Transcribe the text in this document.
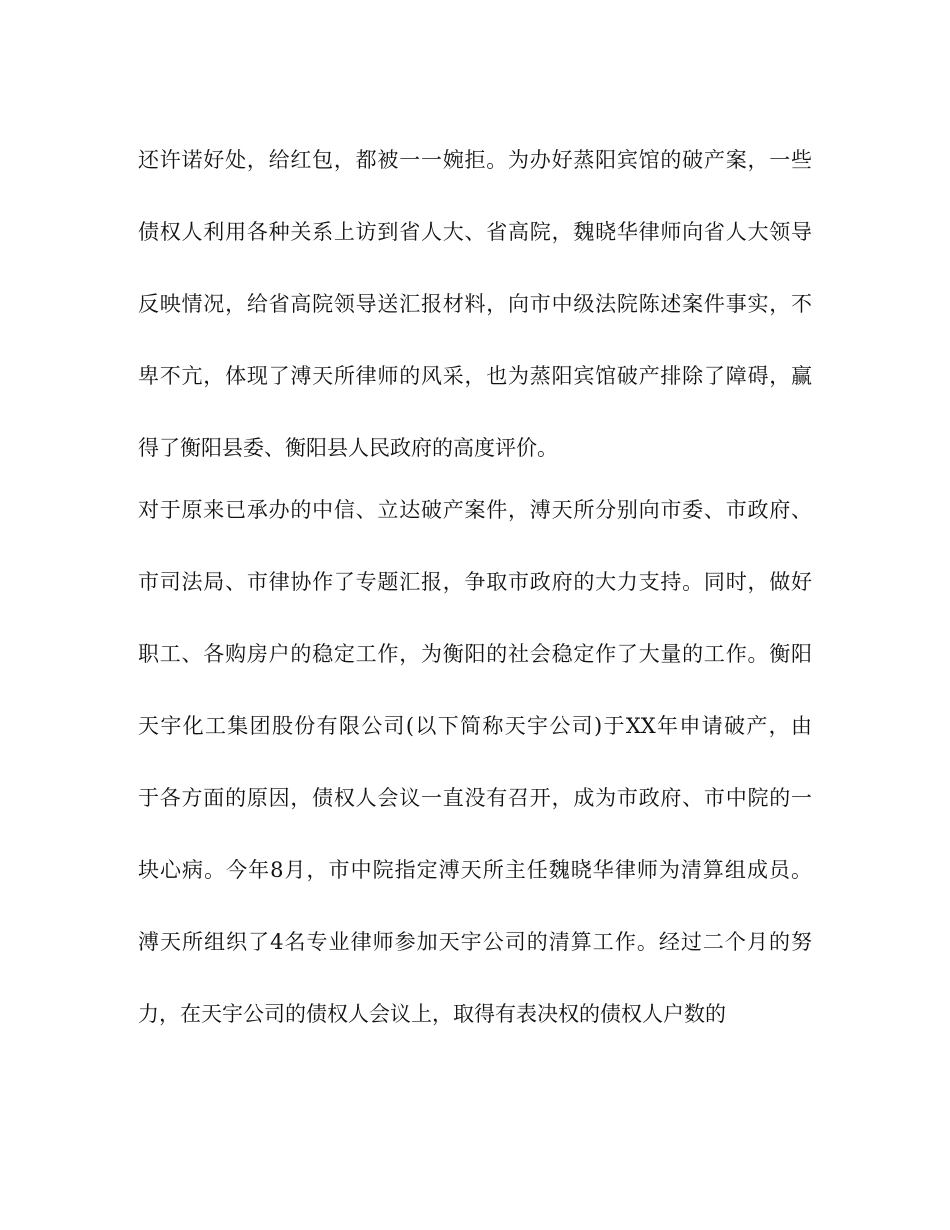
还许诺好处，给红包，都被一一婉拒。为办好蒸阳宾馆的破产案，一些

债权人利用各种关系上访到省人大、省高院，魏晓华律师向省人大领导

反映情况，给省高院领导送汇报材料，向市中级法院陈述案件事实，不

卑不亢，体现了溥天所律师的风采，也为蒸阳宾馆破产排除了障碍，赢

得了衡阳县委、衡阳县人民政府的高度评价。

对于原来已承办的中信、立达破产案件，溥天所分别向市委、市政府、

市司法局、市律协作了专题汇报，争取市政府的大力支持。同时，做好

职工、各购房户的稳定工作，为衡阳的社会稳定作了大量的工作。衡阳

天宇化工集团股份有限公司(以下简称天宇公司)于XX年申请破产，由

于各方面的原因，债权人会议一直没有召开，成为市政府、市中院的一

块心病。今年8月，市中院指定溥天所主任魏晓华律师为清算组成员。

溥天所组织了4名专业律师参加天宇公司的清算工作。经过二个月的努

力，在天宇公司的债权人会议上，取得有表决权的债权人户数的
